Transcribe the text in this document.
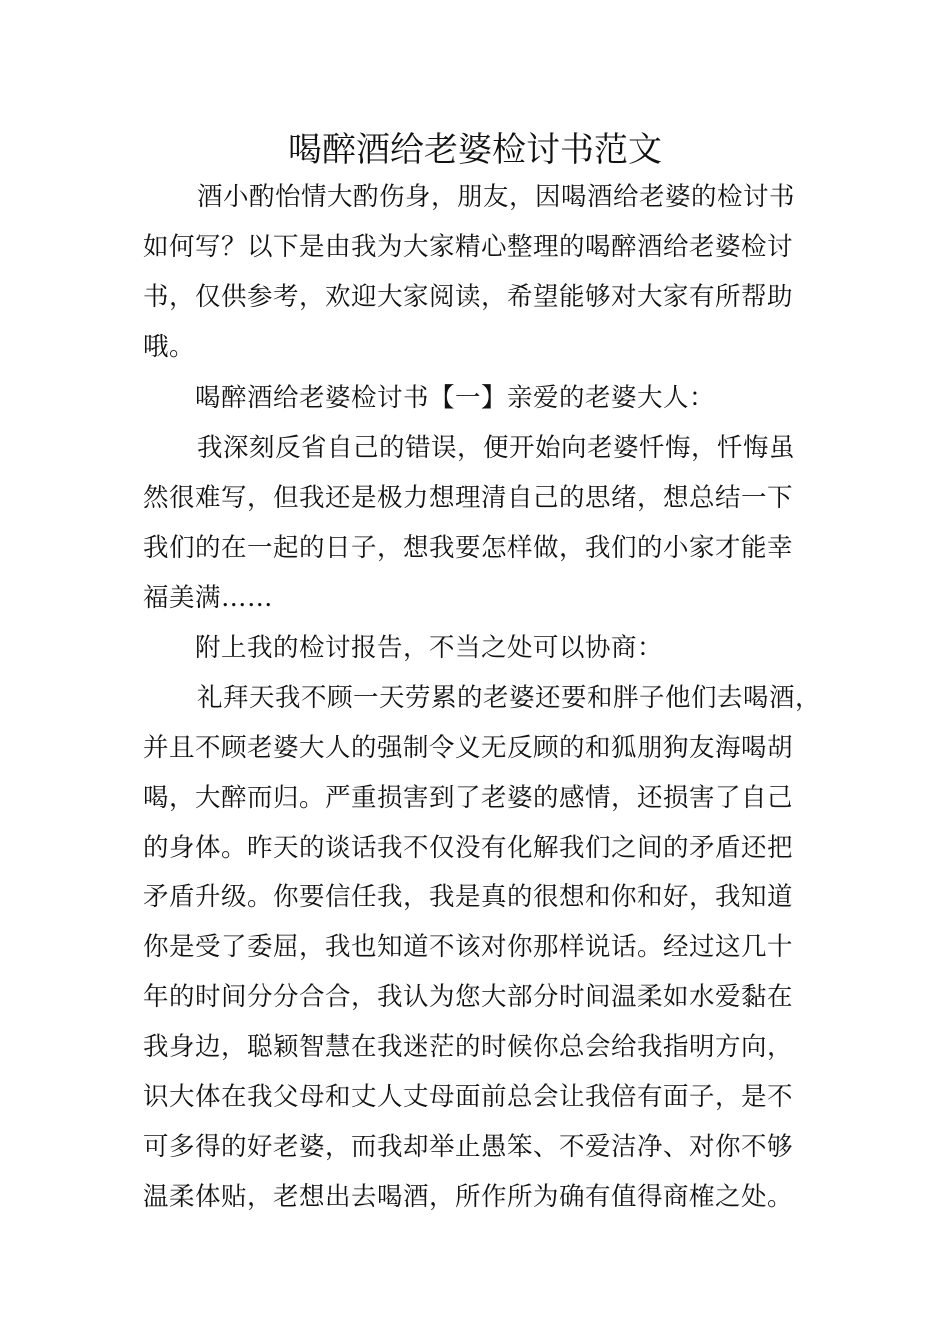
喝醉酒给老婆检讨书范文
酒小酌怡情大酌伤身，朋友，因喝酒给老婆的检讨书
如何写？以下是由我为大家精心整理的喝醉酒给老婆检讨
书，仅供参考，欢迎大家阅读，希望能够对大家有所帮助
哦。
喝醉酒给老婆检讨书【一】亲爱的老婆大人：
我深刻反省自己的错误，便开始向老婆忏悔，忏悔虽
然很难写，但我还是极力想理清自己的思绪，想总结一下
我们的在一起的日子，想我要怎样做，我们的小家才能幸
福美满……
附上我的检讨报告，不当之处可以协商：
礼拜天我不顾一天劳累的老婆还要和胖子他们去喝酒，
并且不顾老婆大人的强制令义无反顾的和狐朋狗友海喝胡
喝，大醉而归。严重损害到了老婆的感情，还损害了自己
的身体。昨天的谈话我不仅没有化解我们之间的矛盾还把
矛盾升级。你要信任我，我是真的很想和你和好，我知道
你是受了委屈，我也知道不该对你那样说话。经过这几十
年的时间分分合合，我认为您大部分时间温柔如水爱黏在
我身边，聪颖智慧在我迷茫的时候你总会给我指明方向，
识大体在我父母和丈人丈母面前总会让我倍有面子，是不
可多得的好老婆，而我却举止愚笨、不爱洁净、对你不够
温柔体贴，老想出去喝酒，所作所为确有值得商榷之处。
